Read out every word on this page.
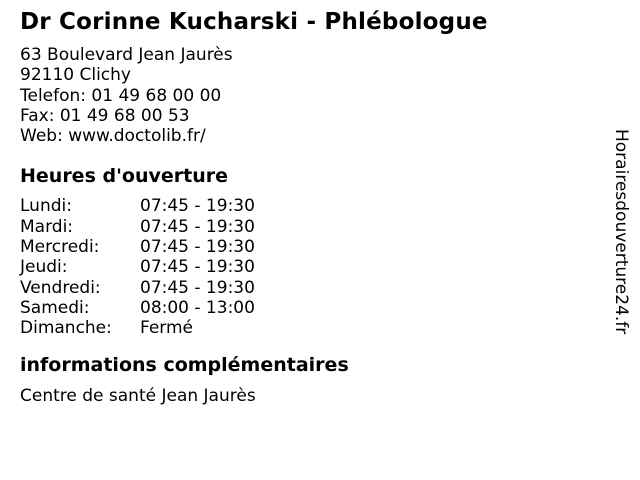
Dr Corinne Kucharski - Phlébologue
63 Boulevard Jean Jaurès
92110 Clichy
Telefon: 01 49 68 00 00
Fax: 01 49 68 00 53
Web: www.doctolib.fr/
Heures d'ouverture
Lundi:	07:45 - 19:30
Mardi:	07:45 - 19:30
Mercredi:	07:45 - 19:30
Jeudi:	07:45 - 19:30
Vendredi:	07:45 - 19:30
Samedi:	08:00 - 13:00
Dimanche:	Fermé
informations complémentaires
Centre de santé Jean Jaurès
Horairesdouverture24.fr
